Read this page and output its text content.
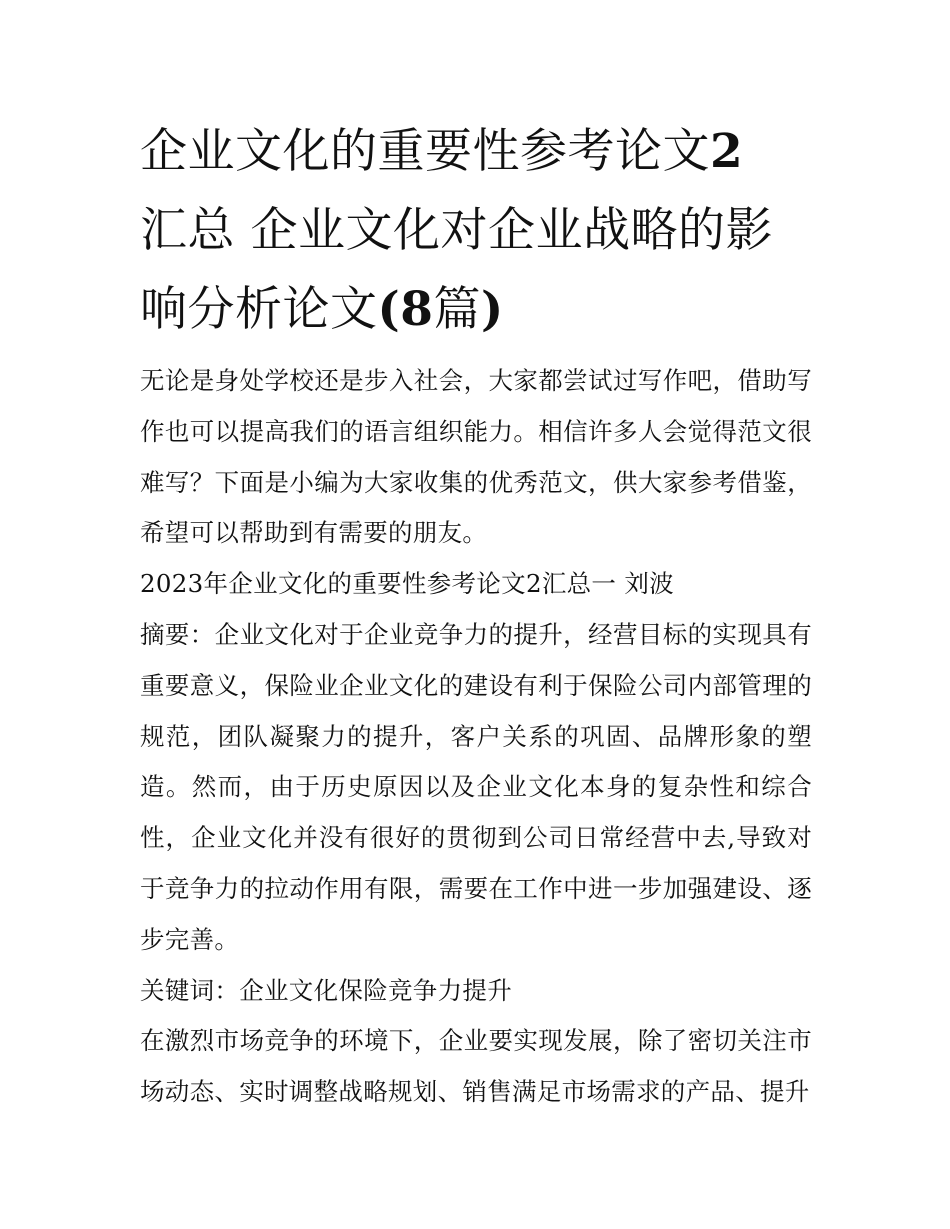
企业文化的重要性参考论文2
汇总 企业文化对企业战略的影响分析论文(8篇)

无论是身处学校还是步入社会，大家都尝试过写作吧，借助写作也可以提高我们的语言组织能力。相信许多人会觉得范文很难写？下面是小编为大家收集的优秀范文，供大家参考借鉴，希望可以帮助到有需要的朋友。

2023年企业文化的重要性参考论文2汇总一 刘波

摘要：企业文化对于企业竞争力的提升，经营目标的实现具有重要意义，保险业企业文化的建设有利于保险公司内部管理的规范，团队凝聚力的提升，客户关系的巩固、品牌形象的塑造。然而，由于历史原因以及企业文化本身的复杂性和综合性，企业文化并没有很好的贯彻到公司日常经营中去,导致对于竞争力的拉动作用有限，需要在工作中进一步加强建设、逐步完善。

关键词：企业文化保险竞争力提升

在激烈市场竞争的环境下，企业要实现发展，除了密切关注市场动态、实时调整战略规划、销售满足市场需求的产品、提升
